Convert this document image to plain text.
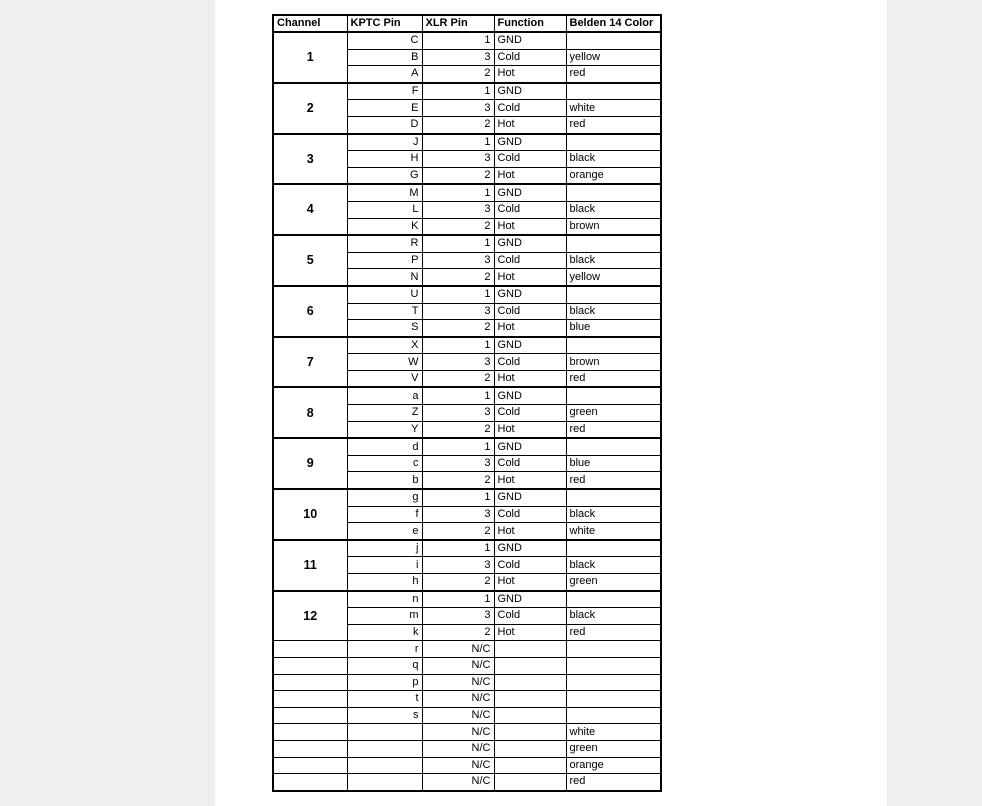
Channel	KPTC Pin	XLR Pin	Function	Belden 14 Color
1	C	1	GND	
	B	3	Cold	yellow
	A	2	Hot	red
2	F	1	GND	
	E	3	Cold	white
	D	2	Hot	red
3	J	1	GND	
	H	3	Cold	black
	G	2	Hot	orange
4	M	1	GND	
	L	3	Cold	black
	K	2	Hot	brown
5	R	1	GND	
	P	3	Cold	black
	N	2	Hot	yellow
6	U	1	GND	
	T	3	Cold	black
	S	2	Hot	blue
7	X	1	GND	
	W	3	Cold	brown
	V	2	Hot	red
8	a	1	GND	
	Z	3	Cold	green
	Y	2	Hot	red
9	d	1	GND	
	c	3	Cold	blue
	b	2	Hot	red
10	g	1	GND	
	f	3	Cold	black
	e	2	Hot	white
11	j	1	GND	
	i	3	Cold	black
	h	2	Hot	green
12	n	1	GND	
	m	3	Cold	black
	k	2	Hot	red
	r	N/C		
	q	N/C		
	p	N/C		
	t	N/C		
	s	N/C		
		N/C		white
		N/C		green
		N/C		orange
		N/C		red
